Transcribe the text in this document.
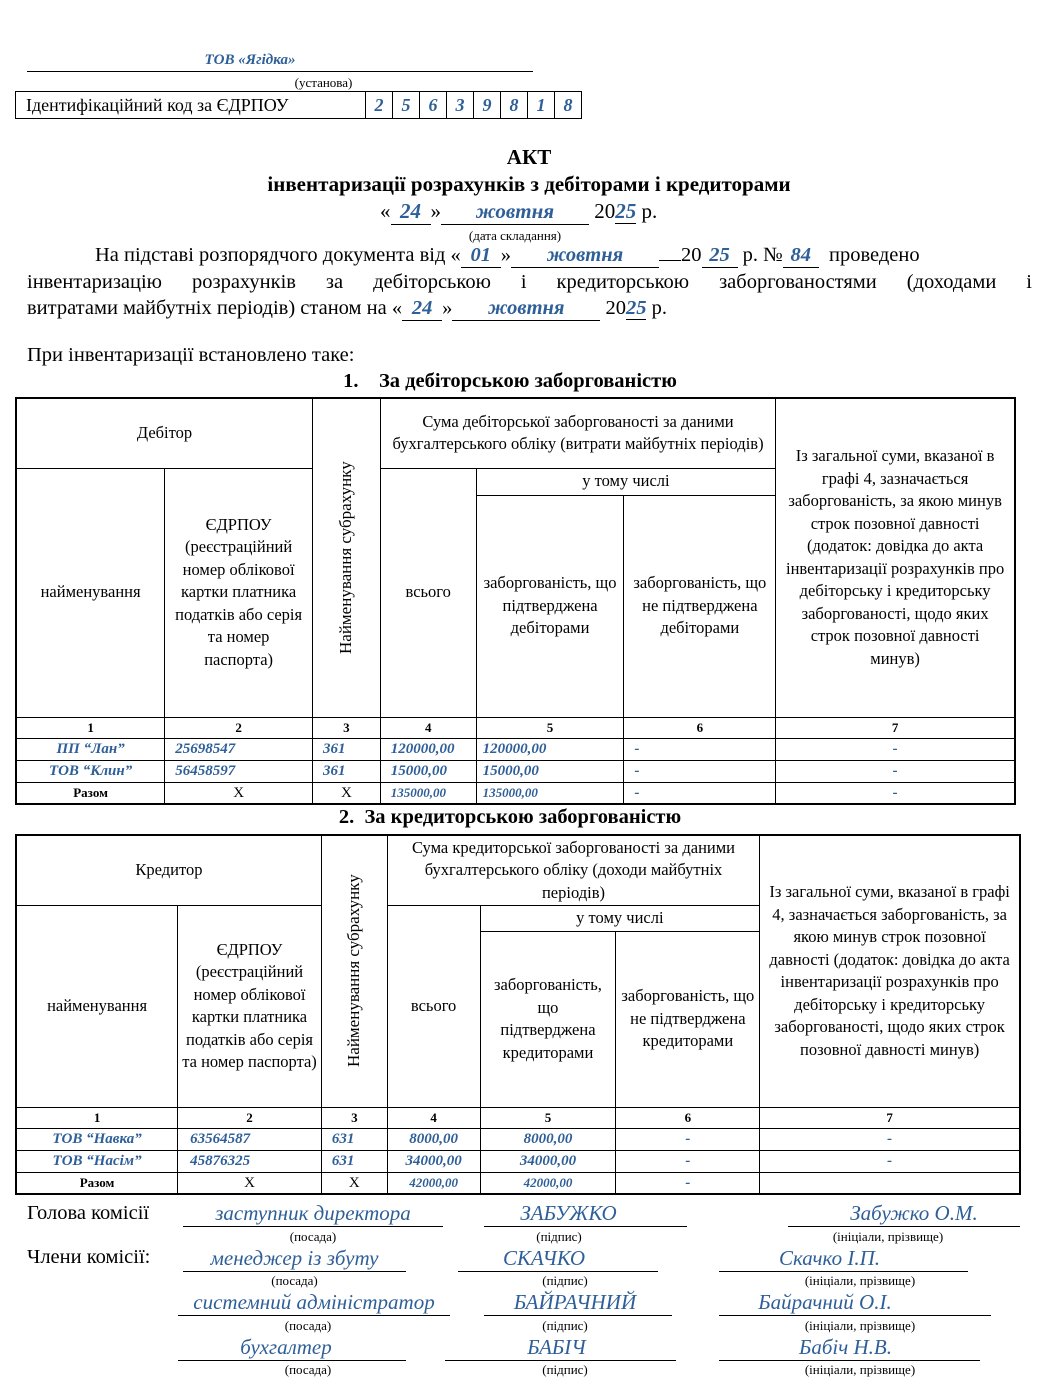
ТОВ «Ягідка»
(установа)
Ідентифікаційний код за ЄДРПОУ	2	5	6	3	9	8	1	8
АКТ
інвентаризації розрахунків з дебіторами і кредиторами
« 24 » жовтня 2025 р.
(дата складання)
На підставі розпорядчого документа від « 01 » жовтня	20 25 р. № 84 проведено
інвентаризацію розрахунків за дебіторською і кредиторською заборгованостями (доходами і
витратами майбутніх періодів) станом на « 24 » жовтня 2025 р.
При інвентаризації встановлено таке:
1.    За дебіторською заборгованістю
Дебітор		Найменування субрахунку	Сума дебіторської заборгованості за даними бухгалтерського обліку (витрати майбутніх періодів)			Із загальної суми, вказаної в графі 4, зазначається заборгованість, за якою минув строк позовної давності (додаток: довідка до акта інвентаризації розрахунків про дебіторську і кредиторську заборгованості, щодо яких строк позовної давності минув)
найменування	ЄДРПОУ (реєстраційний номер облікової картки платника податків або серія та номер паспорта)		всього	у тому числі		
				заборгованість, що підтверджена дебіторами	заборгованість, що не підтверджена дебіторами	
1	2	3	4	5	6	7
ПП “Лан”	25698547	361	120000,00	120000,00	-	-
ТОВ “Клин”	56458597	361	15000,00	15000,00	-	-
Разом	Х	Х	135000,00	135000,00	-	-
2.  За кредиторською заборгованістю
Кредитор		Найменування субрахунку	Сума кредиторської заборгованості за даними бухгалтерського обліку (доходи майбутніх періодів)			Із загальної суми, вказаної в графі 4, зазначається заборгованість, за якою минув строк позовної давності (додаток: довідка до акта інвентаризації розрахунків про дебіторську і кредиторську заборгованості, щодо яких строк позовної давності минув)
найменування	ЄДРПОУ (реєстраційний номер облікової картки платника податків або серія та номер паспорта)		всього	у тому числі		
				заборгованість, що підтверджена кредиторами	заборгованість, що не підтверджена кредиторами	
1	2	3	4	5	6	7
ТОВ “Навка”	63564587	631	8000,00	8000,00	-	-
ТОВ “Насім”	45876325	631	34000,00	34000,00	-	-
Разом	Х	Х	42000,00	42000,00	-	
Голова комісії
Члени комісії:
заступник директора	ЗАБУЖКО	Забужко О.М.
(посада)	(підпис)	(ініціали, прізвище)
менеджер із збуту	СКАЧКО	Скачко І.П.
(посада)	(підпис)	(ініціали, прізвище)
системний адміністратор	БАЙРАЧНИЙ	Байрачний О.І.
(посада)	(підпис)	(ініціали, прізвище)
бухгалтер	БАБІЧ	Бабіч Н.В.
(посада)	(підпис)	(ініціали, прізвище)
